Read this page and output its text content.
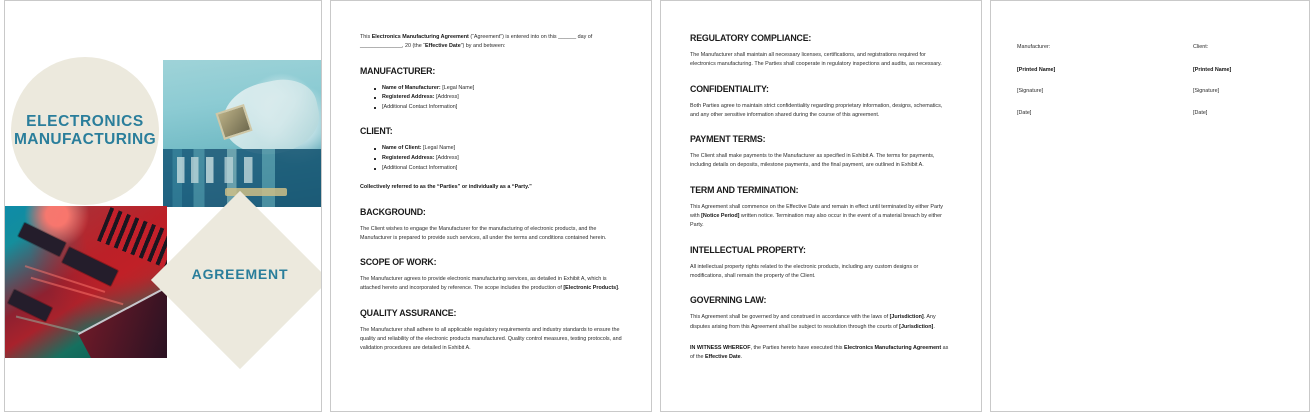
ELECTRONICS
MANUFACTURING
AGREEMENT

This Electronics Manufacturing Agreement (“Agreement”) is entered into on this ______ day of ______________, 20 (the “Effective Date”) by and between:

MANUFACTURER:
Name of Manufacturer: [Legal Name]
Registered Address: [Address]
[Additional Contact Information]
CLIENT:
Name of Client: [Legal Name]
Registered Address: [Address]
[Additional Contact Information]

Collectively referred to as the “Parties” or individually as a “Party.”

BACKGROUND:

The Client wishes to engage the Manufacturer for the manufacturing of electronic products, and the Manufacturer is prepared to provide such services, all under the terms and conditions contained herein.

SCOPE OF WORK:

The Manufacturer agrees to provide electronic manufacturing services, as detailed in Exhibit A, which is attached hereto and incorporated by reference. The scope includes the production of [Electronic Products].

QUALITY ASSURANCE:

The Manufacturer shall adhere to all applicable regulatory requirements and industry standards to ensure the quality and reliability of the electronic products manufactured. Quality control measures, testing protocols, and validation procedures are detailed in Exhibit A.

REGULATORY COMPLIANCE:

The Manufacturer shall maintain all necessary licenses, certifications, and registrations required for electronics manufacturing. The Parties shall cooperate in regulatory inspections and audits, as necessary.

CONFIDENTIALITY:

Both Parties agree to maintain strict confidentiality regarding proprietary information, designs, schematics, and any other sensitive information shared during the course of this agreement.

PAYMENT TERMS:

The Client shall make payments to the Manufacturer as specified in Exhibit A. The terms for payments, including details on deposits, milestone payments, and the final payment, are outlined in Exhibit A.

TERM AND TERMINATION:

This Agreement shall commence on the Effective Date and remain in effect until terminated by either Party with [Notice Period] written notice. Termination may also occur in the event of a material breach by either Party.

INTELLECTUAL PROPERTY:

All intellectual property rights related to the electronic products, including any custom designs or modifications, shall remain the property of the Client.

GOVERNING LAW:

This Agreement shall be governed by and construed in accordance with the laws of [Jurisdiction]. Any disputes arising from this Agreement shall be subject to resolution through the courts of [Jurisdiction].

IN WITNESS WHEREOF, the Parties hereto have executed this Electronics Manufacturing Agreement as of the Effective Date.

Manufacturer:
[Printed Name]
[Signature]
[Date]
Client:
[Printed Name]
[Signature]
[Date]
